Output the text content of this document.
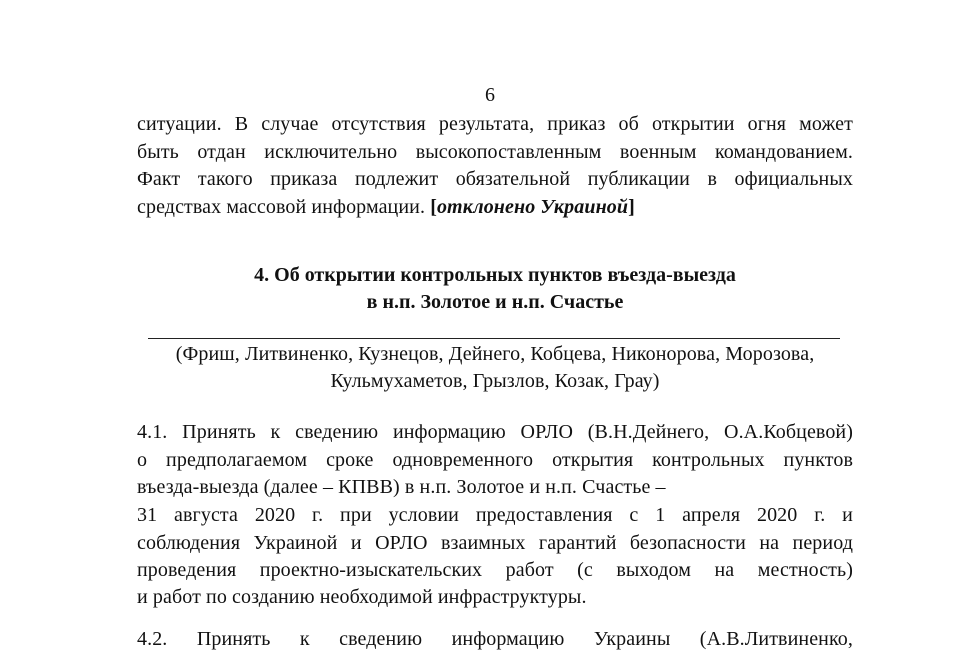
6
ситуации. В случае отсутствия результата, приказ об открытии огня может
быть отдан исключительно высокопоставленным военным командованием.
Факт такого приказа подлежит обязательной публикации в официальных
средствах массовой информации. [отклонено Украиной]
4. Об открытии контрольных пунктов въезда-выезда
в н.п. Золотое и н.п. Счастье
(Фриш, Литвиненко, Кузнецов, Дейнего, Кобцева, Никонорова, Морозова,
Кульмухаметов, Грызлов, Козак, Грау)
4.1. Принять к сведению информацию ОРЛО (В.Н.Дейнего, О.А.Кобцевой)
о предполагаемом сроке одновременного открытия контрольных пунктов
въезда-выезда (далее – КПВВ) в н.п. Золотое и н.п. Счастье –
31 августа 2020 г. при условии предоставления с 1 апреля 2020 г. и
соблюдения Украиной и ОРЛО взаимных гарантий безопасности на период
проведения проектно-изыскательских работ (с выходом на местность)
и работ по созданию необходимой инфраструктуры.
4.2. Принять к сведению информацию Украины (А.В.Литвиненко,
